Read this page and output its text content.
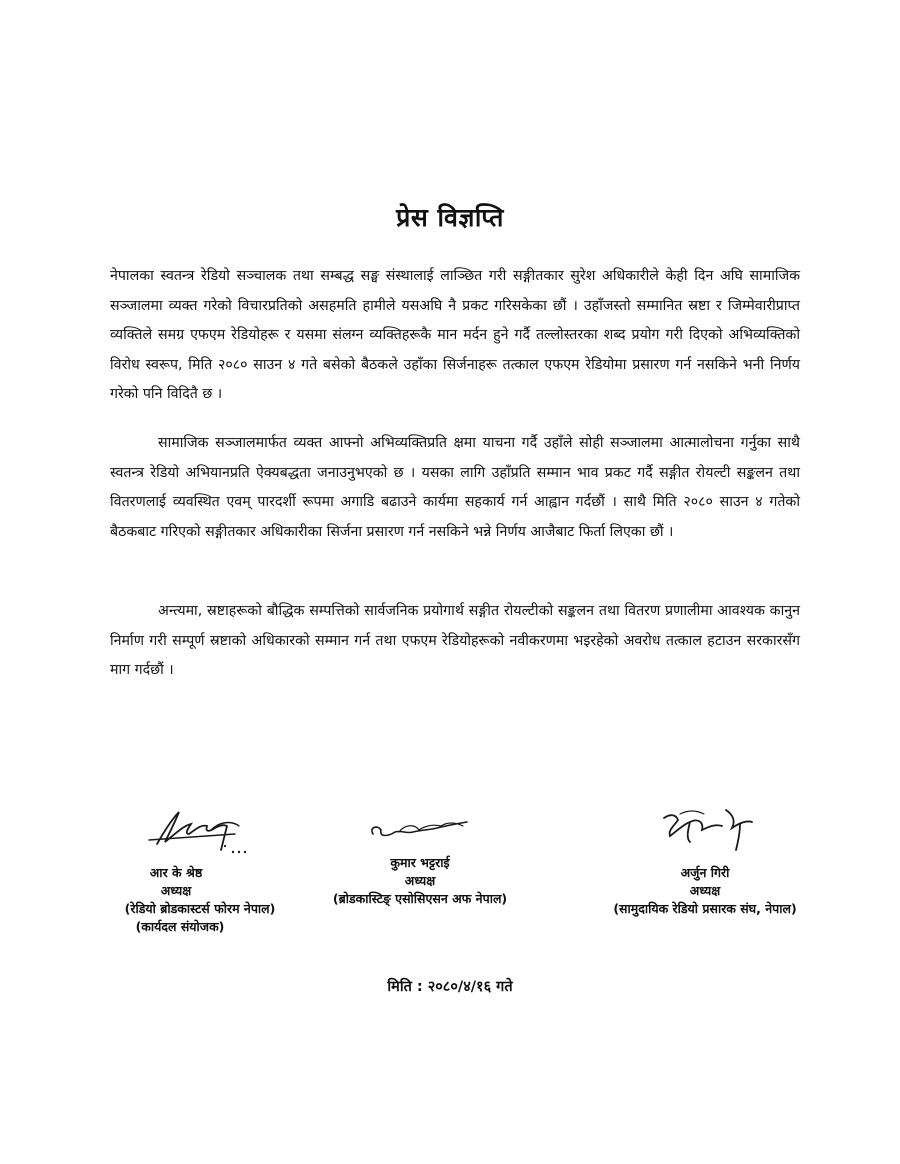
प्रेस विज्ञप्ति
नेपालका स्वतन्त्र रेडियो सञ्चालक तथा सम्बद्ध सङ्घ संस्थालाई लाञ्छित गरी सङ्गीतकार सुरेश अधिकारीले केही दिन अघि सामाजिक सञ्जालमा व्यक्त गरेको विचारप्रतिको असहमति हामीले यसअघि नै प्रकट गरिसकेका छौं । उहाँजस्तो सम्मानित स्रष्टा र जिम्मेवारीप्राप्त व्यक्तिले समग्र एफएम रेडियोहरू र यसमा संलग्न व्यक्तिहरूकै मान मर्दन हुने गर्दै तल्लोस्तरका शब्द प्रयोग गरी दिएको अभिव्यक्तिको विरोध स्वरूप, मिति २०८० साउन ४ गते बसेको बैठकले उहाँका सिर्जनाहरू तत्काल एफएम रेडियोमा प्रसारण गर्न नसकिने भनी निर्णय गरेको पनि विदितै छ ।
सामाजिक सञ्जालमार्फत व्यक्त आफ्नो अभिव्यक्तिप्रति क्षमा याचना गर्दै उहाँले सोही सञ्जालमा आत्मालोचना गर्नुका साथै स्वतन्त्र रेडियो अभियानप्रति ऐक्यबद्धता जनाउनुभएको छ । यसका लागि उहाँप्रति सम्मान भाव प्रकट गर्दै सङ्गीत रोयल्टी सङ्कलन तथा वितरणलाई व्यवस्थित एवम् पारदर्शी रूपमा अगाडि बढाउने कार्यमा सहकार्य गर्न आह्वान गर्दछौं । साथै मिति २०८० साउन ४ गतेको बैठकबाट गरिएको सङ्गीतकार अधिकारीका सिर्जना प्रसारण गर्न नसकिने भन्ने निर्णय आजैबाट फिर्ता लिएका छौं ।
अन्त्यमा, स्रष्टाहरूको बौद्धिक सम्पत्तिको सार्वजनिक प्रयोगार्थ सङ्गीत रोयल्टीको सङ्कलन तथा वितरण प्रणालीमा आवश्यक कानुन निर्माण गरी सम्पूर्ण स्रष्टाको अधिकारको सम्मान गर्न तथा एफएम रेडियोहरूको नवीकरणमा भइरहेको अवरोध तत्काल हटाउन सरकारसँग माग गर्दछौं ।
आर के श्रेष्ठ
अध्यक्ष
(रेडियो ब्रोडकास्टर्स फोरम नेपाल)
(कार्यदल संयोजक)
कुमार भट्टराई
अध्यक्ष
(ब्रोडकास्टिङ् एसोसिएसन अफ नेपाल)
अर्जुन गिरी
अध्यक्ष
(सामुदायिक रेडियो प्रसारक संघ, नेपाल)
मिति : २०८०/४/१६ गते
